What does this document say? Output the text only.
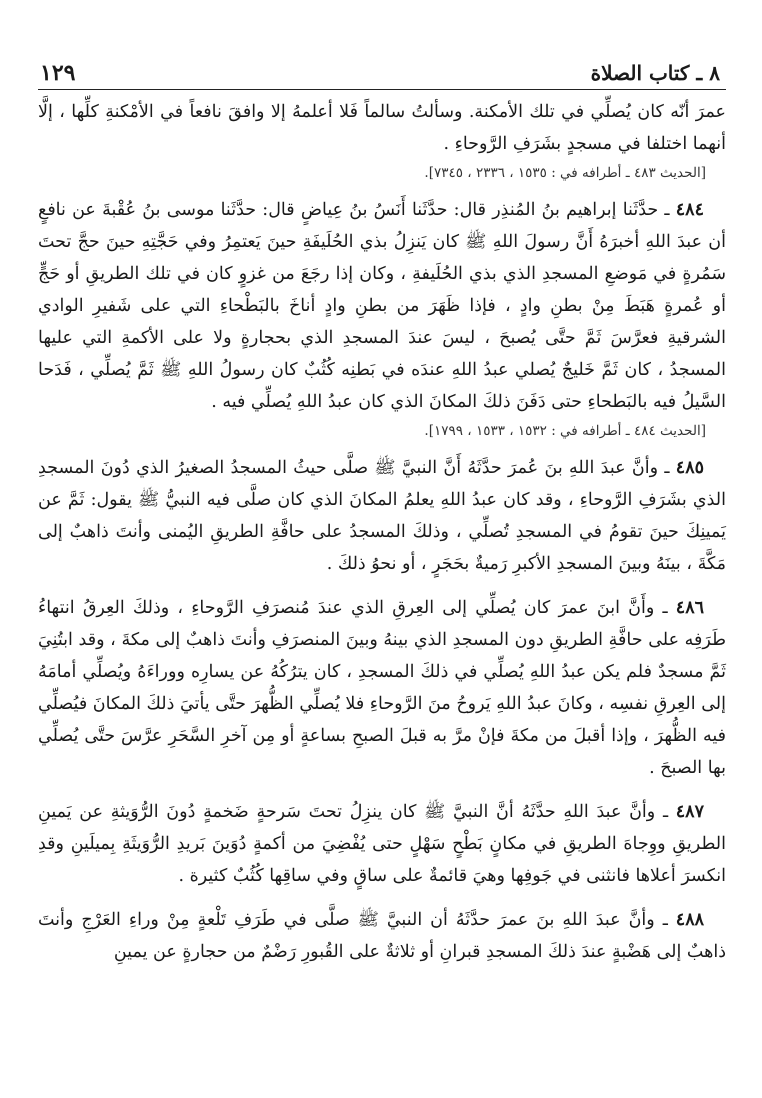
٨ ـ كتاب الصلاة
١٢٩

عمرَ أنّه كان يُصلِّي في تلك الأمكنة. وسألتُ سالماً فَلا أعلمهُ إلا وافقَ نافعاً في الأمْكنةِ كلِّها ، إلَّا أنهما اختلفا في مسجدٍ بشَرَفِ الرَّوحاءِ .

[الحديث ٤٨٣ ـ أطرافه في : ١٥٣٥ ، ٢٣٣٦ ، ٧٣٤٥].

٤٨٤ ـ حدَّثَنا إبراهيم بنُ المُنذِر قال: حدَّثَنا أَنَسُ بنُ عِياضٍ قال: حدَّثَنا موسى بنُ عُقْبةَ عن نافعٍ أن عبدَ اللهِ أخبرَهُ أَنَّ رسولَ اللهِ ﷺ كان يَنزِلُ بذي الحُلَيفَةِ حينَ يَعتمِرُ وفي حَجَّتِهِ حينَ حجَّ تحتَ سَمُرةٍ في مَوضعِ المسجدِ الذي بذي الحُلَيفةِ ، وكان إذا رجَعَ من غزوٍ كان في تلك الطريقِ أو حَجٍّ أو عُمرةٍ هَبَطَ مِنْ بطنِ وادٍ ، فإذا ظَهَرَ من بطنِ وادٍ أناخَ بالبَطْحاءِ التي على شَفيرِ الوادي الشرقيةِ فعرَّسَ ثَمَّ حتَّى يُصبحَ ، ليسَ عندَ المسجدِ الذي بحجارةٍ ولا على الأكمةِ التي عليها المسجدُ ، كان ثَمَّ خَليجٌ يُصلي عبدُ اللهِ عندَه في بَطنِه كُثُبٌ كان رسولُ اللهِ ﷺ ثَمَّ يُصلِّي ، فَدَحا السَّيلُ فيه بالبَطحاءِ حتى دَفَنَ ذلكَ المكانَ الذي كان عبدُ اللهِ يُصلِّي فيه .

[الحديث ٤٨٤ ـ أطرافه في : ١٥٣٢ ، ١٥٣٣ ، ١٧٩٩].

٤٨٥ ـ وأنَّ عبدَ اللهِ بنَ عُمرَ حدَّثَهُ أَنَّ النبيَّ ﷺ صلَّى حيثُ المسجدُ الصغيرُ الذي دُونَ المسجدِ الذي بشَرَفِ الرَّوحاءِ ، وقد كان عبدُ اللهِ يعلمُ المكانَ الذي كان صلَّى فيه النبيُّ ﷺ يقول: ثَمَّ عن يَمينِكَ حينَ تقومُ في المسجدِ تُصلِّي ، وذلكَ المسجدُ على حافَّةِ الطريقِ اليُمنى وأنتَ ذاهبٌ إلى مَكَّةَ ، بينَهُ وبينَ المسجدِ الأكبرِ رَميةٌ بحَجَرٍ ، أو نحوُ ذلكَ .

٤٨٦ ـ وأَنَّ ابنَ عمرَ كان يُصلِّي إلى العِرقِ الذي عندَ مُنصرَفِ الرَّوحاءِ ، وذلكَ العِرقُ انتهاءُ طَرَفِه على حافَّةِ الطريقِ دون المسجدِ الذي بينهُ وبينَ المنصرَفِ وأنتَ ذاهبٌ إلى مكةَ ، وقد ابتُنِيَ ثَمَّ مسجدٌ فلم يكن عبدُ اللهِ يُصلِّي في ذلكَ المسجدِ ، كان يترُكُهُ عن يسارِه ووراءَهُ ويُصلِّي أمامَهُ إلى العِرقِ نفسِه ، وكانَ عبدُ اللهِ يَروحُ منَ الرَّوحاءِ فلا يُصلِّي الظُّهرَ حتَّى يأتيَ ذلكَ المكانَ فيُصلِّي فيه الظُّهرَ ، وإذا أقبلَ من مكةَ فإنْ مرَّ به قبلَ الصبحِ بساعةٍ أو مِن آخرِ السَّحَرِ عرَّسَ حتَّى يُصلِّي بها الصبحَ .

٤٨٧ ـ وأنَّ عبدَ اللهِ حدَّثَهُ أنَّ النبيَّ ﷺ كان ينزِلُ تحتَ سَرحةٍ ضَخمةٍ دُونَ الرُّوَيثةِ عن يَمينِ الطريقِ ووِجاهَ الطريقِ في مكانٍ بَطْحٍ سَهْلٍ حتى يُفْضِيَ من أكمةٍ دُوَينَ بَريدِ الرُّوَيثَةِ بِميلَينِ وقدِ انكسرَ أعلاها فانثنى في جَوفِها وهيَ قائمةٌ على ساقٍ وفي ساقِها كُثُبٌ كثيرة .

٤٨٨ ـ وأنَّ عبدَ اللهِ بنَ عمرَ حدَّثَهُ أن النبيَّ ﷺ صلَّى في طَرَفِ تَلْعةٍ مِنْ وراءِ العَرْجِ وأنتَ ذاهبٌ إلى هَضْبةٍ عندَ ذلكَ المسجدِ قبرانِ أو ثلاثةٌ على القُبورِ رَضْمٌ من حجارةٍ عن يمينِ
